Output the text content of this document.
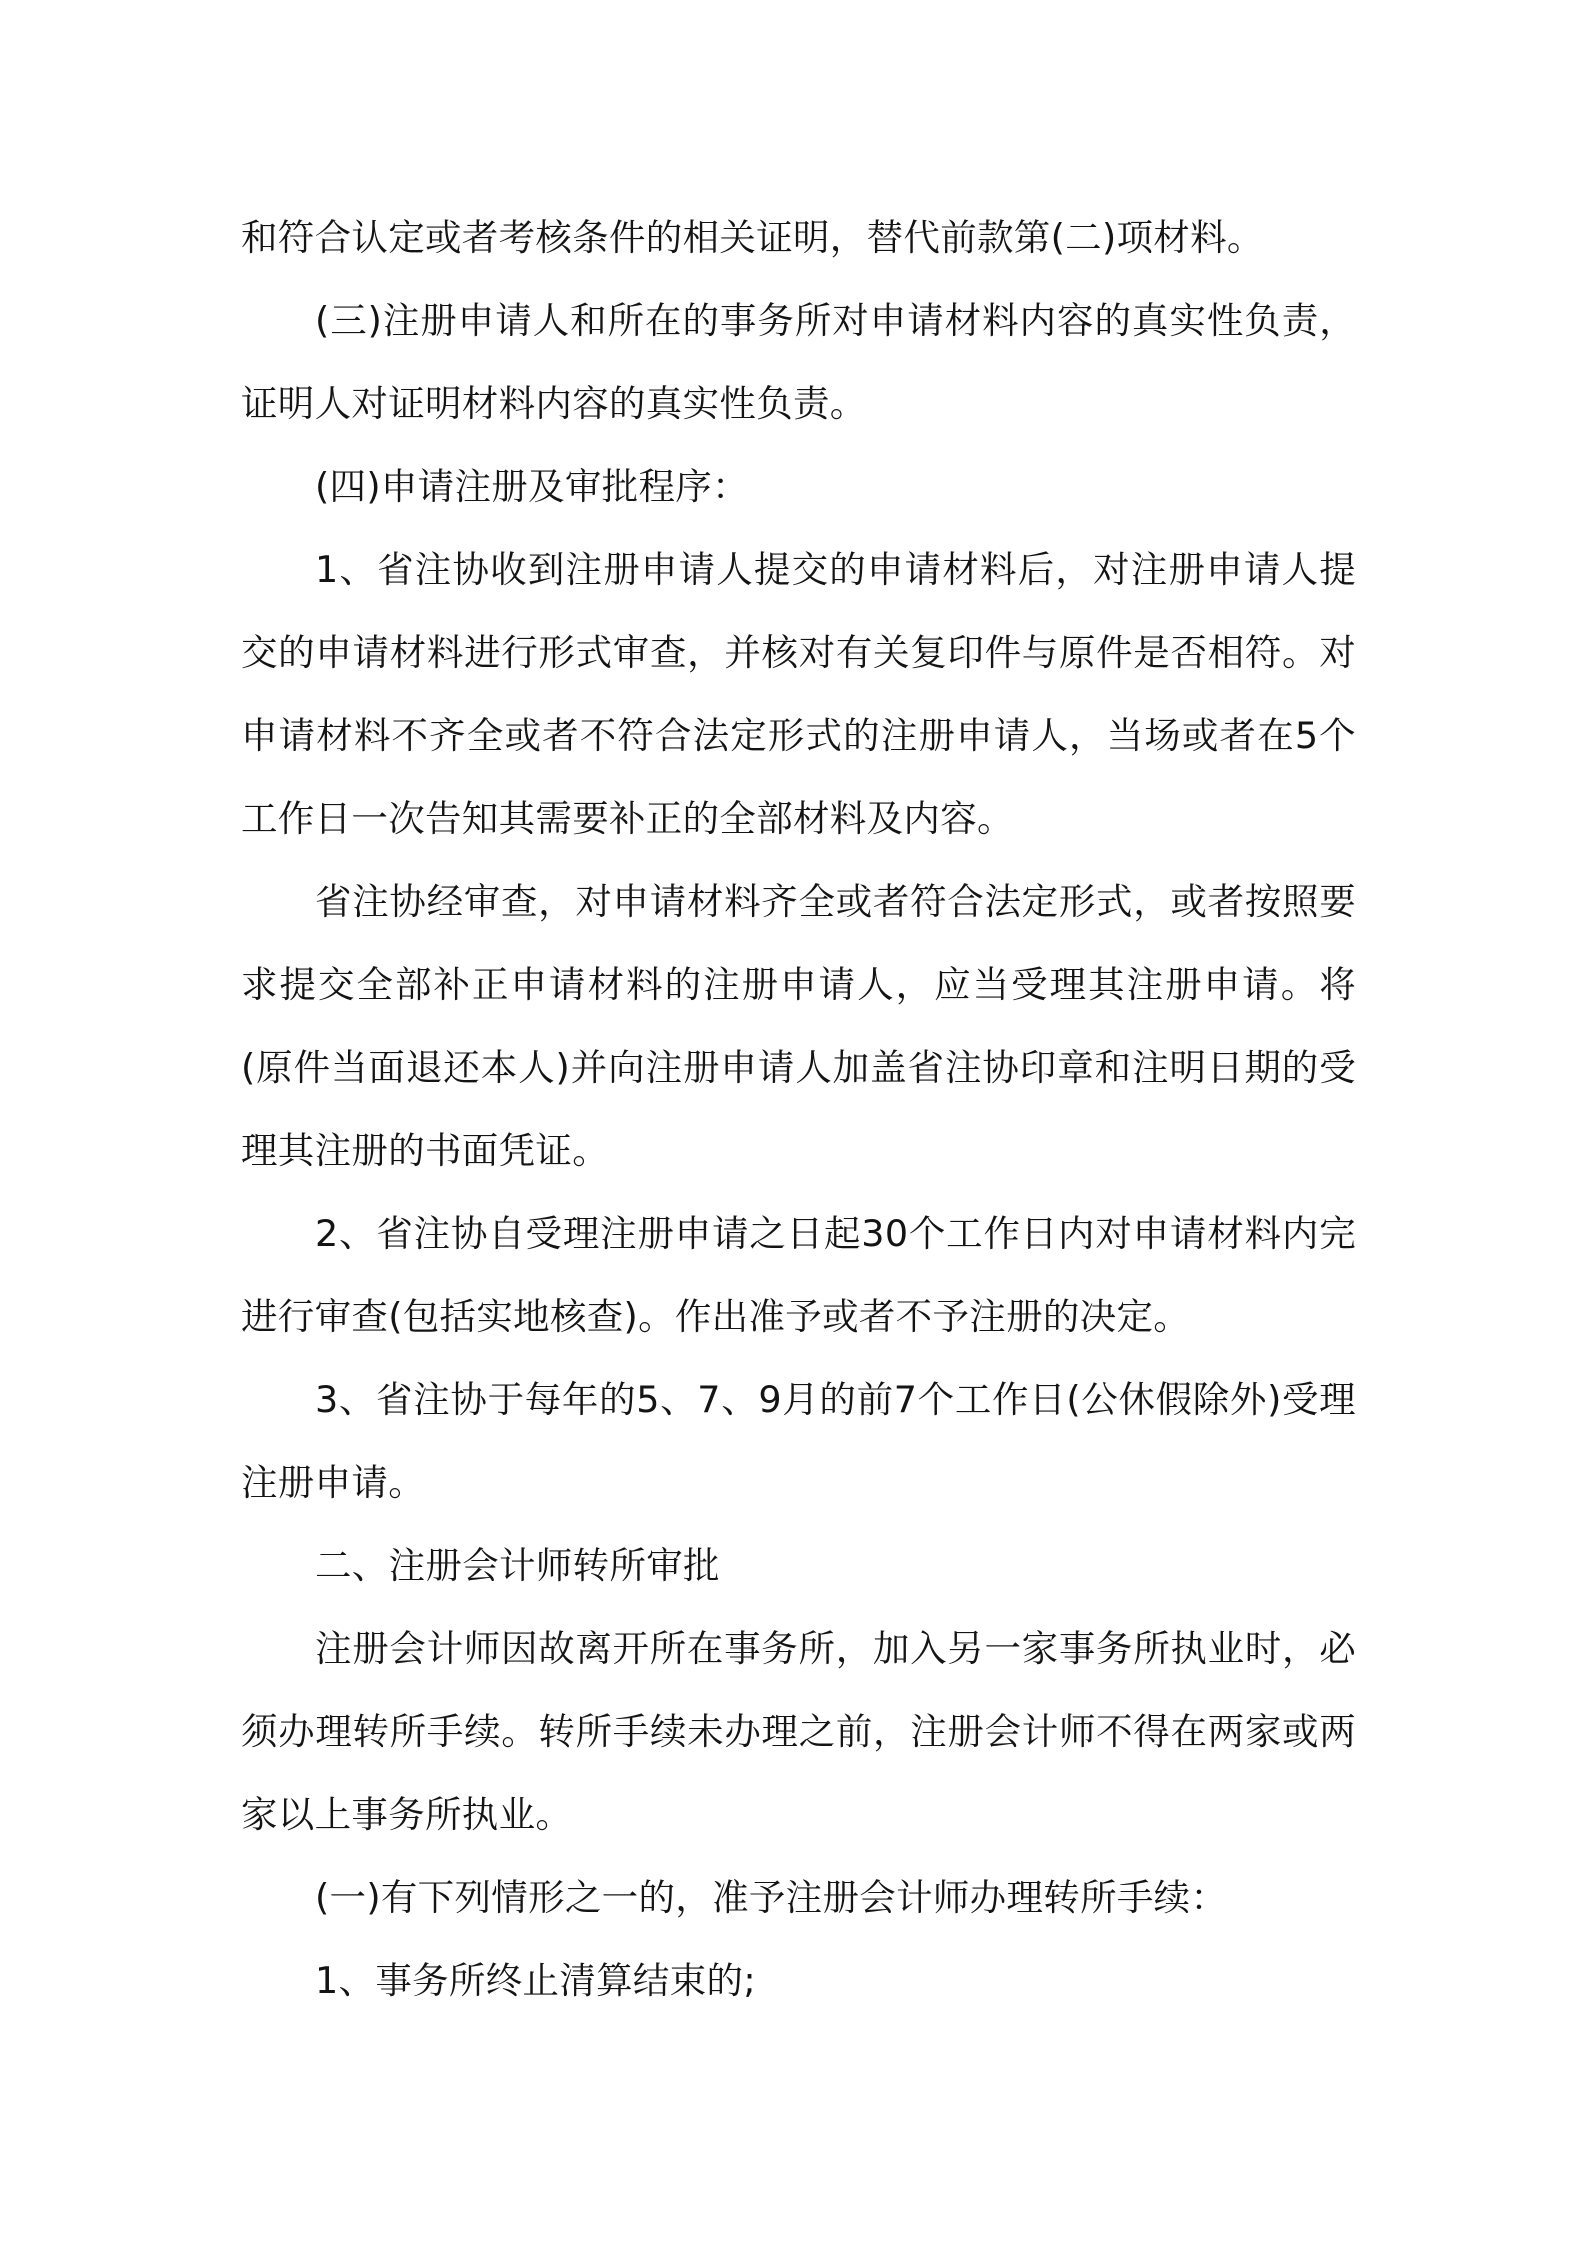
和符合认定或者考核条件的相关证明，替代前款第(二)项材料。

(三)注册申请人和所在的事务所对申请材料内容的真实性负责，证明人对证明材料内容的真实性负责。

(四)申请注册及审批程序：

1、省注协收到注册申请人提交的申请材料后，对注册申请人提交的申请材料进行形式审查，并核对有关复印件与原件是否相符。对申请材料不齐全或者不符合法定形式的注册申请人，当场或者在5个工作日一次告知其需要补正的全部材料及内容。

省注协经审查，对申请材料齐全或者符合法定形式，或者按照要求提交全部补正申请材料的注册申请人，应当受理其注册申请。将(原件当面退还本人)并向注册申请人加盖省注协印章和注明日期的受理其注册的书面凭证。

2、省注协自受理注册申请之日起30个工作日内对申请材料内完进行审查(包括实地核查)。作出准予或者不予注册的决定。

3、省注协于每年的5、7、9月的前7个工作日(公休假除外)受理注册申请。

二、注册会计师转所审批

注册会计师因故离开所在事务所，加入另一家事务所执业时，必须办理转所手续。转所手续未办理之前，注册会计师不得在两家或两家以上事务所执业。

(一)有下列情形之一的，准予注册会计师办理转所手续：

1、事务所终止清算结束的;
